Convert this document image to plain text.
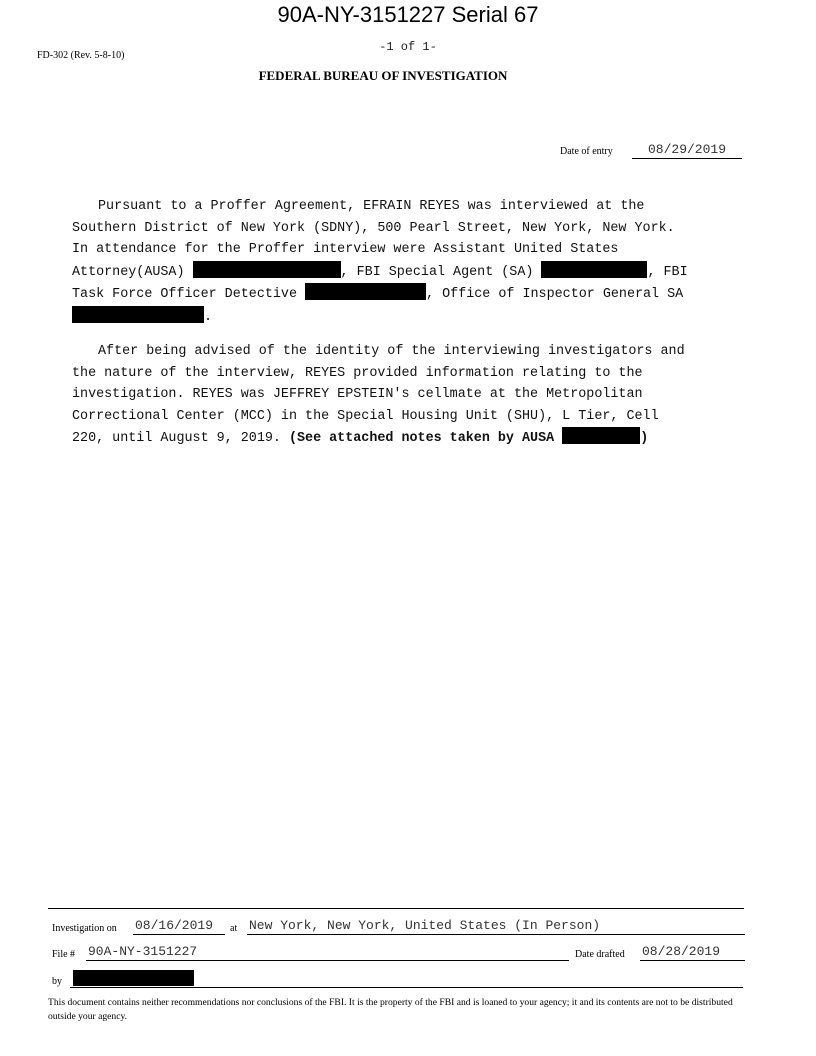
90A-NY-3151227 Serial 67
-1 of 1-
FD-302 (Rev. 5-8-10)
FEDERAL BUREAU OF INVESTIGATION
Date of entry	08/29/2019
Pursuant to a Proffer Agreement, EFRAIN REYES was interviewed at the
Southern District of New York (SDNY), 500 Pearl Street, New York, New York.
In attendance for the Proffer interview were Assistant United States
Attorney(AUSA)	, FBI Special Agent (SA)	, FBI
Task Force Officer Detective	, Office of Inspector General SA
.
After being advised of the identity of the interviewing investigators and
the nature of the interview, REYES provided information relating to the
investigation. REYES was JEFFREY EPSTEIN's cellmate at the Metropolitan
Correctional Center (MCC) in the Special Housing Unit (SHU), L Tier, Cell
220, until August 9, 2019. (See attached notes taken by AUSA	)
Investigation on 08/16/2019	at New York, New York, United States (In Person)
File # 90A-NY-3151227	Date drafted 08/28/2019
by
This document contains neither recommendations nor conclusions of the FBI. It is the property of the FBI and is loaned to your agency; it and its contents are not to be distributed outside your agency.
